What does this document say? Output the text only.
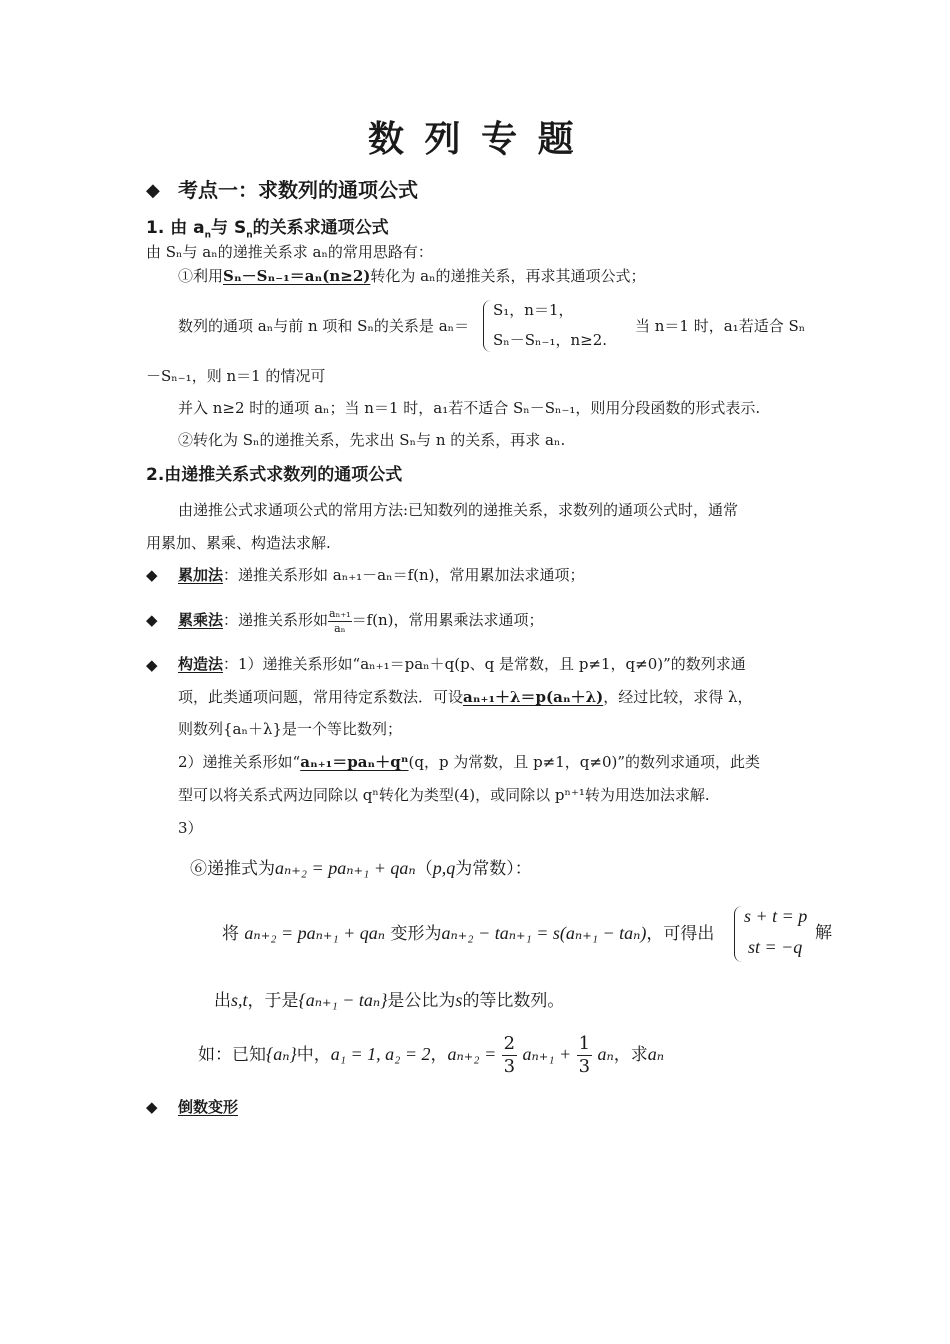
数 列 专 题
◆ 考点一：求数列的通项公式
1. 由 $a_n$与 $S_n$的关系求通项公式
由 Sₙ与 aₙ的递推关系求 aₙ的常用思路有：
①利用Sₙ－Sₙ₋₁＝aₙ(n≥2)转化为 aₙ的递推关系，再求其通项公式；
数列的通项 aₙ与前 n 项和 Sₙ的关系是 aₙ＝
S₁，n＝1，
Sₙ－Sₙ₋₁，n≥2.
当 n＝1 时，a₁若适合 Sₙ
－Sₙ₋₁，则 n＝1 的情况可
并入 n≥2 时的通项 aₙ；当 n＝1 时，a₁若不适合 Sₙ－Sₙ₋₁，则用分段函数的形式表示.
②转化为 Sₙ的递推关系，先求出 Sₙ与 n 的关系，再求 aₙ.
2.由递推关系式求数列的通项公式
由递推公式求通项公式的常用方法:已知数列的递推关系，求数列的通项公式时，通常
用累加、累乘、构造法求解.
◆ 累加法：递推关系形如 aₙ₊₁－aₙ＝f(n)，常用累加法求通项；
◆ 累乘法：递推关系形如 $\frac{\text{aₙ₊₁}}{\text{aₙ}} =f(n)$，常用累乘法求通项；
◆ 构造法：1）递推关系形如“aₙ₊₁＝paₙ＋q(p、q 是常数，且 p≠1，q≠0)”的数列求通
项，此类通项问题，常用待定系数法．可设aₙ₊₁＋λ＝p(aₙ＋λ)，经过比较，求得 λ，
则数列{aₙ＋λ}是一个等比数列；
2）递推关系形如“aₙ₊₁＝paₙ＋qⁿ(q，p 为常数，且 p≠1，q≠0)”的数列求通项，此类
型可以将关系式两边同除以 qⁿ转化为类型(4)，或同除以 pⁿ⁺¹转为用迭加法求解.
3）
⑥递推式为aₙ₊₂ = paₙ₊₁ + qaₙ（p,q为常数）：
将 aₙ₊₂ = paₙ₊₁ + qaₙ 变形为aₙ₊₂ − taₙ₊₁ = s(aₙ₊₁ − taₙ)，可得出
s + t = p
st = −q
解
出s,t，于是{aₙ₊₁ − taₙ}是公比为s的等比数列。
如：已知{aₙ}中，a₁ = 1, a₂ = 2，$a_{n+2} = \frac{2}{3} a_{n+1} + \frac{1}{3}$ aₙ，求aₙ
◆ 倒数变形
